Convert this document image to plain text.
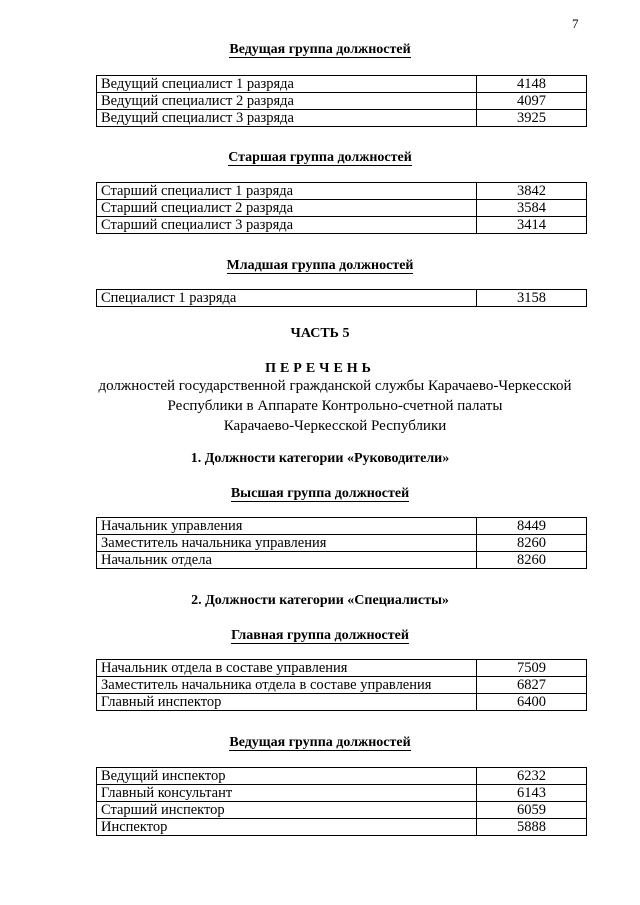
7
Ведущая группа должностей
Ведущий специалист 1 разряда	4148
Ведущий специалист 2 разряда	4097
Ведущий специалист 3 разряда	3925
Старшая группа должностей
Старший специалист 1 разряда	3842
Старший специалист 2 разряда	3584
Старший специалист 3 разряда	3414
Младшая группа должностей
Специалист 1 разряда	3158
ЧАСТЬ 5
ПЕРЕЧЕНЬ
должностей государственной гражданской службы Карачаево-Черкесской
Республики в Аппарате Контрольно-счетной палаты
Карачаево-Черкесской Республики
1. Должности категории «Руководители»
Высшая группа должностей
Начальник управления	8449
Заместитель начальника управления	8260
Начальник отдела	8260
2. Должности категории «Специалисты»
Главная группа должностей
Начальник отдела в составе управления	7509
Заместитель начальника отдела в составе управления	6827
Главный инспектор	6400
Ведущая группа должностей
Ведущий инспектор	6232
Главный консультант	6143
Старший инспектор	6059
Инспектор	5888
